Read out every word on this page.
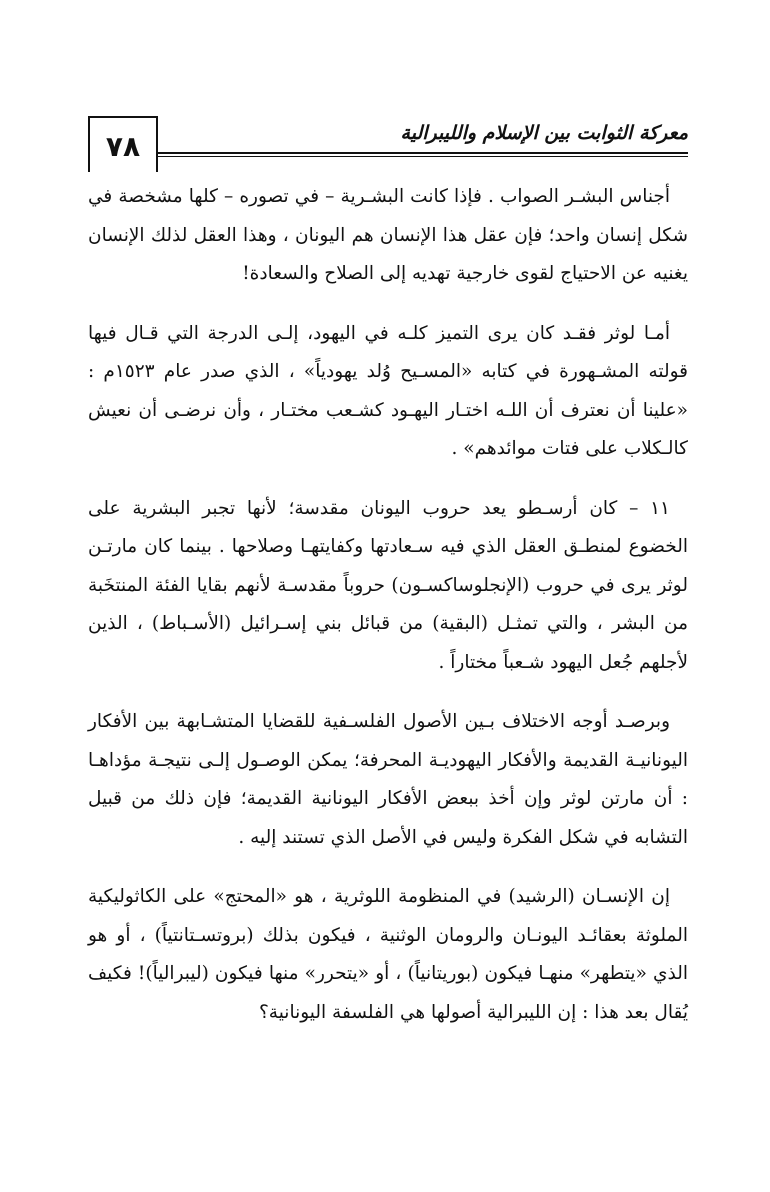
٧٨	معركة الثوابت بين الإسلام والليبرالية

أجناس البشـر الصواب . فإذا كانت البشـرية – في تصوره – كلها مشخصة في شكل إنسان واحد؛ فإن عقل هذا الإنسان هم اليونان ، وهذا العقل لذلك الإنسان يغنيه عن الاحتياج لقوى خارجية تهديه إلى الصلاح والسعادة!

أمـا لوثر فقـد كان يرى التميز كلـه في اليهود، إلـى الدرجة التي قـال فيها قولته المشـهورة في كتابه «المسـيح وُلد يهودياً» ، الذي صدر عام ١٥٢٣م : «علينا أن نعترف أن اللـه اختـار اليهـود كشـعب مختـار ، وأن نرضـى أن نعيش كالـكلاب على فتات موائدهم» .

١١ – كان أرسـطو يعد حروب اليونان مقدسة؛ لأنها تجبر البشرية على الخضوع لمنطـق العقل الذي فيه سـعادتها وكفايتهـا وصلاحها . بينما كان مارتـن لوثر يرى في حروب (الإنجلوساكسـون) حروباً مقدسـة لأنهم بقايا الفئة المنتخَبة من البشر ، والتي تمثـل (البقية) من قبائل بني إسـرائيل (الأسـباط) ، الذين لأجلهم جُعل اليهود شـعباً مختاراً .

وبرصـد أوجه الاختلاف بـين الأصول الفلسـفية للقضايا المتشـابهة بين الأفكار اليونانيـة القديمة والأفكار اليهوديـة المحرفة؛ يمكن الوصـول إلـى نتيجـة مؤداهـا : أن مارتن لوثر وإن أخذ ببعض الأفكار اليونانية القديمة؛ فإن ذلك من قبيل التشابه في شكل الفكرة وليس في الأصل الذي تستند إليه .

إن الإنسـان (الرشيد) في المنظومة اللوثرية ، هو «المحتج» على الكاثوليكية الملوثة بعقائـد اليونـان والرومان الوثنية ، فيكون بذلك (بروتسـتانتياً) ، أو هو الذي «يتطهر» منهـا فيكون (بوريتانياً) ، أو «يتحرر» منها فيكون (ليبرالياً)! فكيف يُقال بعد هذا : إن الليبرالية أصولها هي الفلسفة اليونانية؟
